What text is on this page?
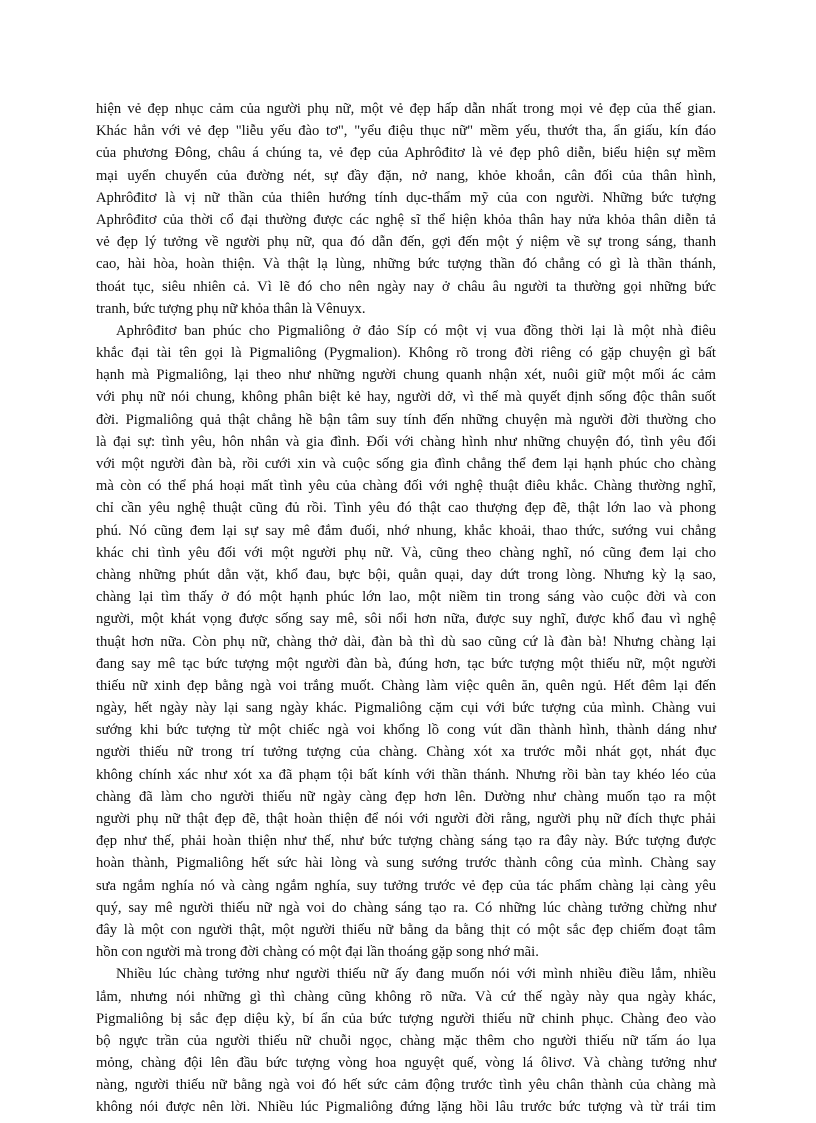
hiện vẻ đẹp nhục cảm của người phụ nữ, một vẻ đẹp hấp dẫn nhất trong mọi vẻ đẹp của thế gian.
Khác hẳn với vẻ đẹp "liễu yếu đào tơ", "yểu điệu thục nữ" mềm yếu, thướt tha, ẩn giấu, kín đáo
của phương Đông, châu á chúng ta, vẻ đẹp của Aphrôđitơ là vẻ đẹp phô diễn, biểu hiện sự mềm
mại uyển chuyển của đường nét, sự đầy đặn, nở nang, khỏe khoắn, cân đối của thân hình,
Aphrôđitơ là vị nữ thần của thiên hướng tính dục-thẩm mỹ của con người. Những bức tượng
Aphrôđitơ của thời cổ đại thường được các nghệ sĩ thể hiện khỏa thân hay nửa khỏa thân diễn tả
vẻ đẹp lý tưởng về người phụ nữ, qua đó dẫn đến, gợi đến một ý niệm về sự trong sáng, thanh
cao, hài hòa, hoàn thiện. Và thật lạ lùng, những bức tượng thần đó chẳng có gì là thần thánh,
thoát tục, siêu nhiên cả. Vì lẽ đó cho nên ngày nay ở châu âu người ta thường gọi những bức
tranh, bức tượng phụ nữ khỏa thân là Vênuyx.
Aphrôđitơ ban phúc cho Pigmaliông ở đảo Síp có một vị vua đồng thời lại là một nhà điêu
khắc đại tài tên gọi là Pigmaliông (Pygmalion). Không rõ trong đời riêng có gặp chuyện gì bất
hạnh mà Pigmaliông, lại theo như những người chung quanh nhận xét, nuôi giữ một mối ác cảm
với phụ nữ nói chung, không phân biệt kẻ hay, người dở, vì thế mà quyết định sống độc thân suốt
đời. Pigmaliông quả thật chẳng hề bận tâm suy tính đến những chuyện mà người đời thường cho
là đại sự: tình yêu, hôn nhân và gia đình. Đối với chàng hình như những chuyện đó, tình yêu đối
với một người đàn bà, rồi cưới xin và cuộc sống gia đình chẳng thể đem lại hạnh phúc cho chàng
mà còn có thể phá hoại mất tình yêu của chàng đối với nghệ thuật điêu khắc. Chàng thường nghĩ,
chỉ cần yêu nghệ thuật cũng đủ rồi. Tình yêu đó thật cao thượng đẹp đẽ, thật lớn lao và phong
phú. Nó cũng đem lại sự say mê đắm đuối, nhớ nhung, khắc khoải, thao thức, sướng vui chẳng
khác chi tình yêu đối với một người phụ nữ. Và, cũng theo chàng nghĩ, nó cũng đem lại cho
chàng những phút dằn vặt, khổ đau, bực bội, quằn quại, day dứt trong lòng. Nhưng kỳ lạ sao,
chàng lại tìm thấy ở đó một hạnh phúc lớn lao, một niềm tin trong sáng vào cuộc đời và con
người, một khát vọng được sống say mê, sôi nổi hơn nữa, được suy nghĩ, được khổ đau vì nghệ
thuật hơn nữa. Còn phụ nữ, chàng thở dài, đàn bà thì dù sao cũng cứ là đàn bà! Nhưng chàng lại
đang say mê tạc bức tượng một người đàn bà, đúng hơn, tạc bức tượng một thiếu nữ, một người
thiếu nữ xinh đẹp bằng ngà voi trắng muốt. Chàng làm việc quên ăn, quên ngủ. Hết đêm lại đến
ngày, hết ngày này lại sang ngày khác. Pigmaliông cặm cụi với bức tượng của mình. Chàng vui
sướng khi bức tượng từ một chiếc ngà voi khổng lồ cong vút dần thành hình, thành dáng như
người thiếu nữ trong trí tưởng tượng của chàng. Chàng xót xa trước mỗi nhát gọt, nhát đục
không chính xác như xót xa đã phạm tội bất kính với thần thánh. Nhưng rồi bàn tay khéo léo của
chàng đã làm cho người thiếu nữ ngày càng đẹp hơn lên. Dường như chàng muốn tạo ra một
người phụ nữ thật đẹp đẽ, thật hoàn thiện để nói với người đời rằng, người phụ nữ đích thực phải
đẹp như thế, phải hoàn thiện như thế, như bức tượng chàng sáng tạo ra đây này. Bức tượng được
hoàn thành, Pigmaliông hết sức hài lòng và sung sướng trước thành công của mình. Chàng say
sưa ngắm nghía nó và càng ngắm nghía, suy tưởng trước vẻ đẹp của tác phẩm chàng lại càng yêu
quý, say mê người thiếu nữ ngà voi do chàng sáng tạo ra. Có những lúc chàng tưởng chừng như
đây là một con người thật, một người thiếu nữ bằng da bằng thịt có một sắc đẹp chiếm đoạt tâm
hồn con người mà trong đời chàng có một đại lần thoáng gặp song nhớ mãi.
Nhiều lúc chàng tưởng như người thiếu nữ ấy đang muốn nói với mình nhiều điều lắm, nhiều
lắm, nhưng nói những gì thì chàng cũng không rõ nữa. Và cứ thế ngày này qua ngày khác,
Pigmaliông bị sắc đẹp diệu kỳ, bí ẩn của bức tượng người thiếu nữ chinh phục. Chàng đeo vào
bộ ngực trần của người thiếu nữ chuỗi ngọc, chàng mặc thêm cho người thiếu nữ tấm áo lụa
mỏng, chàng đội lên đầu bức tượng vòng hoa nguyệt quế, vòng lá ôlivơ. Và chàng tưởng như
nàng, người thiếu nữ bằng ngà voi đó hết sức cảm động trước tình yêu chân thành của chàng mà
không nói được nên lời. Nhiều lúc Pigmaliông đứng lặng hồi lâu trước bức tượng và từ trái tim
